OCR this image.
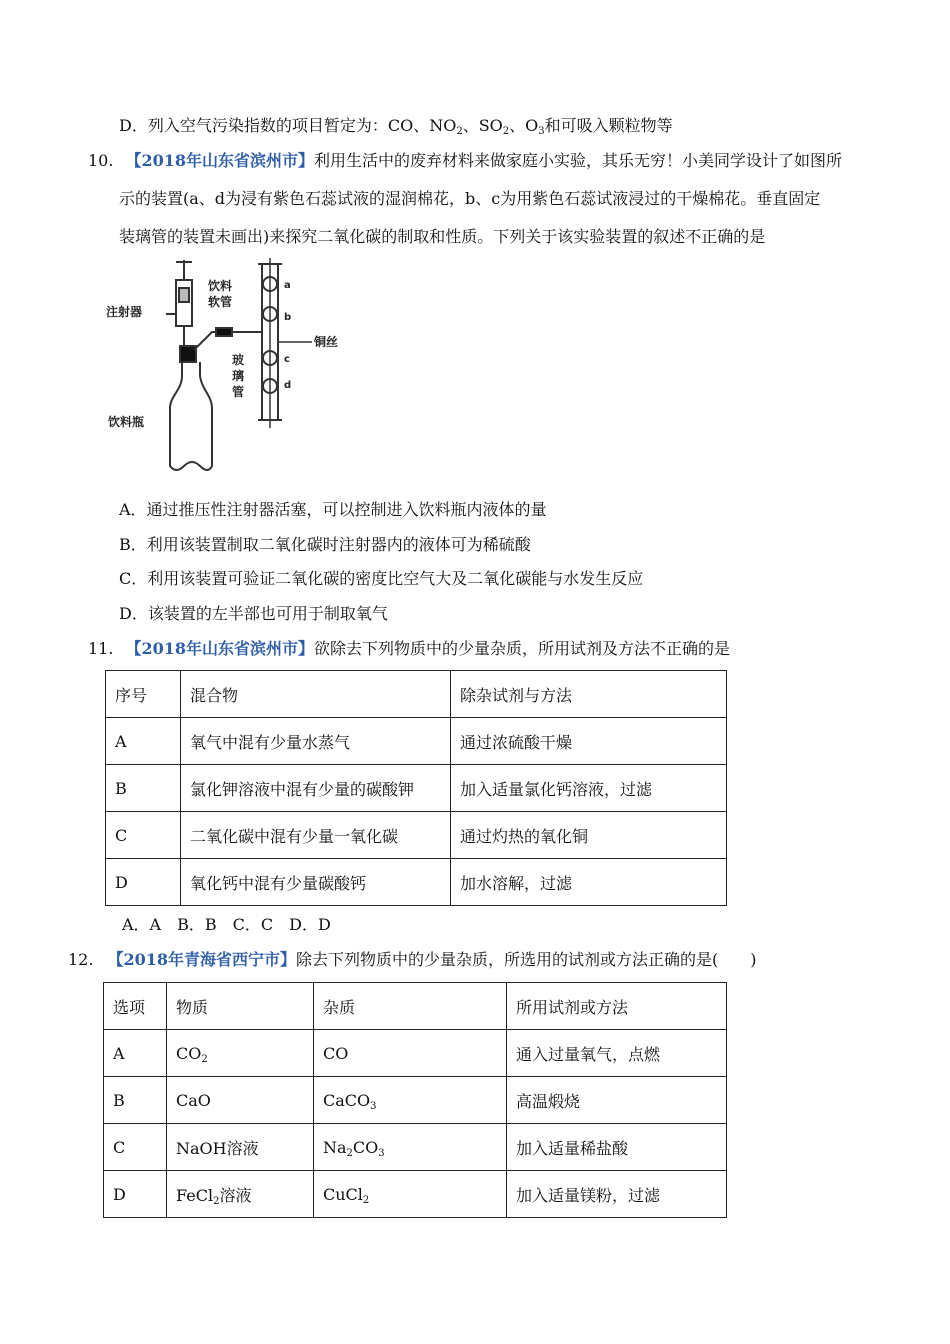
D．列入空气污染指数的项目暂定为：CO、$NO_2$、$SO_2$、$O_3$和可吸入颗粒物等
10. 【2018年山东省滨州市】利用生活中的废弃材料来做家庭小实验，其乐无穷！小美同学设计了如图所
示的装置(a、d为浸有紫色石蕊试液的湿润棉花，b、c为用紫色石蕊试液浸过的干燥棉花。垂直固定
装璃管的装置未画出)来探究二氧化碳的制取和性质。下列关于该实验装置的叙述不正确的是
注射器
饮料
软管
饮料瓶
玻
璃
管
铜丝
a
b
c
d
A．通过推压性注射器活塞，可以控制进入饮料瓶内液体的量
B．利用该装置制取二氧化碳时注射器内的液体可为稀硫酸
C．利用该装置可验证二氧化碳的密度比空气大及二氧化碳能与水发生反应
D．该装置的左半部也可用于制取氧气
11. 【2018年山东省滨州市】欲除去下列物质中的少量杂质，所用试剂及方法不正确的是
序号	混合物	除杂试剂与方法
A	氧气中混有少量水蒸气	通过浓硫酸干燥
B	氯化钾溶液中混有少量的碳酸钾	加入适量氯化钙溶液，过滤
C	二氧化碳中混有少量一氧化碳	通过灼热的氧化铜
D	氧化钙中混有少量碳酸钙	加水溶解，过滤
A．A　B．B　C．C　D．D
12. 【2018年青海省西宁市】除去下列物质中的少量杂质，所选用的试剂或方法正确的是(　　)
选项	物质	杂质	所用试剂或方法
A	$CO_2$	CO	通入过量氧气，点燃
B	CaO	CaCO$_3$	高温煅烧
C	NaOH溶液	$Na_2CO_3$	加入适量稀盐酸
D	FeCl$_2$溶液	CuCl$_2$	加入适量镁粉，过滤
